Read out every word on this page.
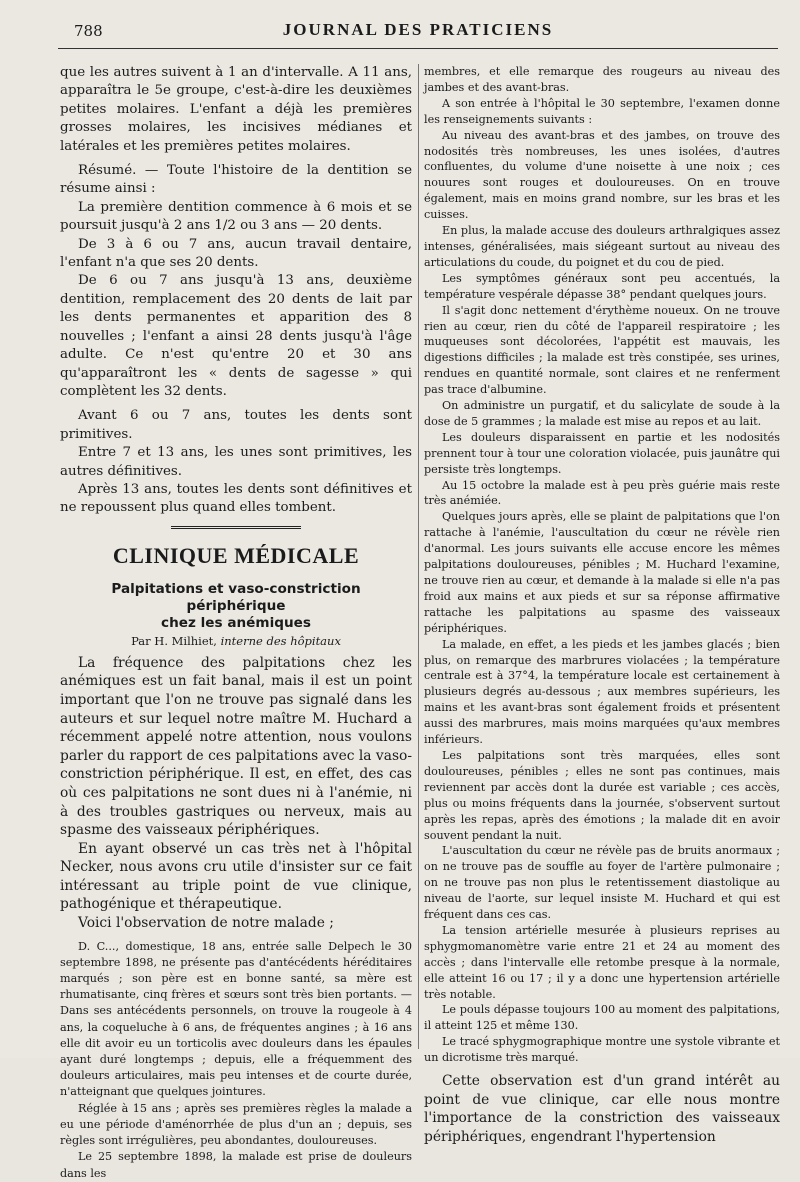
788	JOURNAL DES PRATICIENS

que les autres suivent à 1 an d'intervalle. A 11 ans, apparaîtra le 5e groupe, c'est-à-dire les deuxièmes petites molaires. L'enfant a déjà les premières grosses molaires, les incisives médianes et latérales et les premières petites molaires.

Résumé. — Toute l'histoire de la dentition se résume ainsi :

La première dentition commence à 6 mois et se poursuit jusqu'à 2 ans 1/2 ou 3 ans — 20 dents.

De 3 à 6 ou 7 ans, aucun travail dentaire, l'enfant n'a que ses 20 dents.

De 6 ou 7 ans jusqu'à 13 ans, deuxième dentition, remplacement des 20 dents de lait par les dents permanentes et apparition des 8 nouvelles ; l'enfant a ainsi 28 dents jusqu'à l'âge adulte. Ce n'est qu'entre 20 et 30 ans qu'apparaîtront les « dents de sagesse » qui complètent les 32 dents.

Avant 6 ou 7 ans, toutes les dents sont primitives.

Entre 7 et 13 ans, les unes sont primitives, les autres définitives.

Après 13 ans, toutes les dents sont définitives et ne repoussent plus quand elles tombent.

CLINIQUE MÉDICALE
Palpitations et vaso-constriction périphérique
chez les anémiques
Par H. Milhiet, interne des hôpitaux

La fréquence des palpitations chez les anémiques est un fait banal, mais il est un point important que l'on ne trouve pas signalé dans les auteurs et sur lequel notre maître M. Huchard a récemment appelé notre attention, nous voulons parler du rapport de ces palpitations avec la vaso-constriction périphérique. Il est, en effet, des cas où ces palpitations ne sont dues ni à l'anémie, ni à des troubles gastriques ou nerveux, mais au spasme des vaisseaux périphériques.

En ayant observé un cas très net à l'hôpital Necker, nous avons cru utile d'insister sur ce fait intéressant au triple point de vue clinique, pathogénique et thérapeutique.

Voici l'observation de notre malade ;

D. C..., domestique, 18 ans, entrée salle Delpech le 30 septembre 1898, ne présente pas d'antécédents héréditaires marqués ; son père est en bonne santé, sa mère est rhumatisante, cinq frères et sœurs sont très bien portants. — Dans ses antécédents personnels, on trouve la rougeole à 4 ans, la coqueluche à 6 ans, de fréquentes angines ; à 16 ans elle dit avoir eu un torticolis avec douleurs dans les épaules ayant duré longtemps ; depuis, elle a fréquemment des douleurs articulaires, mais peu intenses et de courte durée, n'atteignant que quelques jointures.

Réglée à 15 ans ; après ses premières règles la malade a eu une période d'aménorrhée de plus d'un an ; depuis, ses règles sont irrégulières, peu abondantes, douloureuses.

Le 25 septembre 1898, la malade est prise de douleurs dans les

membres, et elle remarque des rougeurs au niveau des jambes et des avant-bras.

A son entrée à l'hôpital le 30 septembre, l'examen donne les renseignements suivants :

Au niveau des avant-bras et des jambes, on trouve des nodosités très nombreuses, les unes isolées, d'autres confluentes, du volume d'une noisette à une noix ; ces nouures sont rouges et douloureuses. On en trouve également, mais en moins grand nombre, sur les bras et les cuisses.

En plus, la malade accuse des douleurs arthralgiques assez intenses, généralisées, mais siégeant surtout au niveau des articulations du coude, du poignet et du cou de pied.

Les symptômes généraux sont peu accentués, la température vespérale dépasse 38° pendant quelques jours.

Il s'agit donc nettement d'érythème noueux. On ne trouve rien au cœur, rien du côté de l'appareil respiratoire ; les muqueuses sont décolorées, l'appétit est mauvais, les digestions difficiles ; la malade est très constipée, ses urines, rendues en quantité normale, sont claires et ne renferment pas trace d'albumine.

On administre un purgatif, et du salicylate de soude à la dose de 5 grammes ; la malade est mise au repos et au lait.

Les douleurs disparaissent en partie et les nodosités prennent tour à tour une coloration violacée, puis jaunâtre qui persiste très longtemps.

Au 15 octobre la malade est à peu près guérie mais reste très anémiée.

Quelques jours après, elle se plaint de palpitations que l'on rattache à l'anémie, l'auscultation du cœur ne révèle rien d'anormal. Les jours suivants elle accuse encore les mêmes palpitations douloureuses, pénibles ; M. Huchard l'examine, ne trouve rien au cœur, et demande à la malade si elle n'a pas froid aux mains et aux pieds et sur sa réponse affirmative rattache les palpitations au spasme des vaisseaux périphériques.

La malade, en effet, a les pieds et les jambes glacés ; bien plus, on remarque des marbrures violacées ; la température centrale est à 37°4, la température locale est certainement à plusieurs degrés au-dessous ; aux membres supérieurs, les mains et les avant-bras sont également froids et présentent aussi des marbrures, mais moins marquées qu'aux membres inférieurs.

Les palpitations sont très marquées, elles sont douloureuses, pénibles ; elles ne sont pas continues, mais reviennent par accès dont la durée est variable ; ces accès, plus ou moins fréquents dans la journée, s'observent surtout après les repas, après des émotions ; la malade dit en avoir souvent pendant la nuit.

L'auscultation du cœur ne révèle pas de bruits anormaux ; on ne trouve pas de souffle au foyer de l'artère pulmonaire ; on ne trouve pas non plus le retentissement diastolique au niveau de l'aorte, sur lequel insiste M. Huchard et qui est fréquent dans ces cas.

La tension artérielle mesurée à plusieurs reprises au sphygmomanomètre varie entre 21 et 24 au moment des accès ; dans l'intervalle elle retombe presque à la normale, elle atteint 16 ou 17 ; il y a donc une hypertension artérielle très notable.

Le pouls dépasse toujours 100 au moment des palpitations, il atteint 125 et même 130.

Le tracé sphygmographique montre une systole vibrante et un dicrotisme très marqué.

Cette observation est d'un grand intérêt au point de vue clinique, car elle nous montre l'importance de la constriction des vaisseaux périphériques, engendrant l'hypertension
